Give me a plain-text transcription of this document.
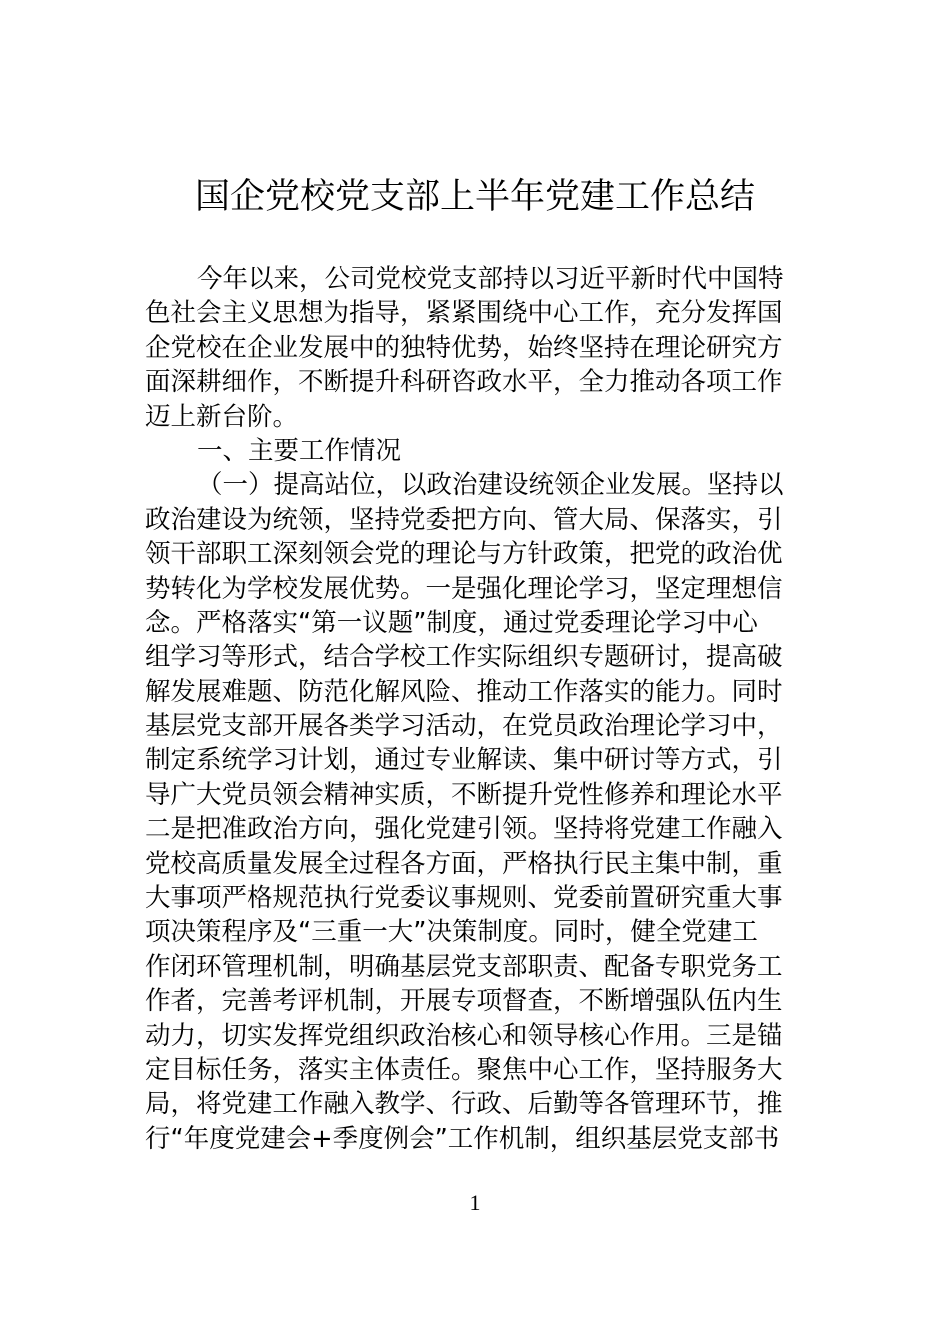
国企党校党支部上半年党建工作总结
今年以来，公司党校党支部持以习近平新时代中国特
色社会主义思想为指导，紧紧围绕中心工作，充分发挥国
企党校在企业发展中的独特优势，始终坚持在理论研究方
面深耕细作，不断提升科研咨政水平，全力推动各项工作
迈上新台阶。
一、主要工作情况
（一）提高站位，以政治建设统领企业发展。坚持以
政治建设为统领，坚持党委把方向、管大局、保落实，引
领干部职工深刻领会党的理论与方针政策，把党的政治优
势转化为学校发展优势。一是强化理论学习，坚定理想信
念。严格落实“第一议题”制度，通过党委理论学习中心
组学习等形式，结合学校工作实际组织专题研讨，提高破
解发展难题、防范化解风险、推动工作落实的能力。同时
基层党支部开展各类学习活动，在党员政治理论学习中，
制定系统学习计划，通过专业解读、集中研讨等方式，引
导广大党员领会精神实质，不断提升党性修养和理论水平
二是把准政治方向，强化党建引领。坚持将党建工作融入
党校高质量发展全过程各方面，严格执行民主集中制，重
大事项严格规范执行党委议事规则、党委前置研究重大事
项决策程序及“三重一大”决策制度。同时，健全党建工
作闭环管理机制，明确基层党支部职责、配备专职党务工
作者，完善考评机制，开展专项督查，不断增强队伍内生
动力，切实发挥党组织政治核心和领导核心作用。三是锚
定目标任务，落实主体责任。聚焦中心工作，坚持服务大
局，将党建工作融入教学、行政、后勤等各管理环节，推
行“年度党建会+季度例会”工作机制，组织基层党支部书
1
